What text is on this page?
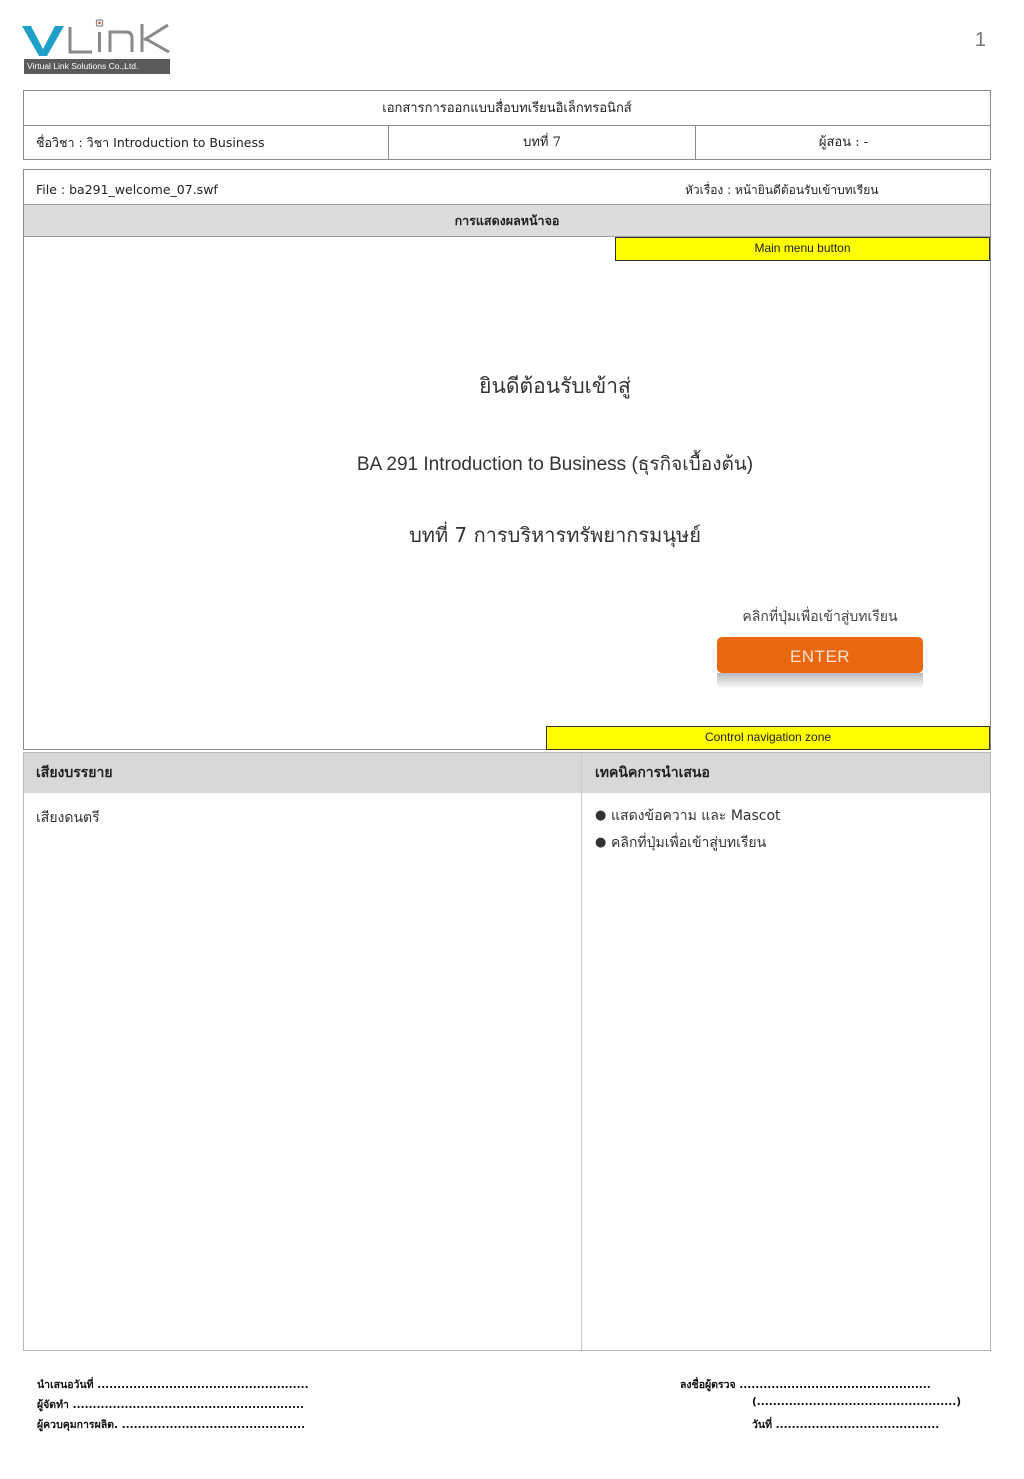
Virtual Link Solutions Co.,Ltd.
1
เอกสารการออกแบบสื่อบทเรียนอิเล็กทรอนิกส์
ชื่อวิชา : วิชา Introduction to Business	บทที่ 7	ผู้สอน : -
File : ba291_welcome_07.swf	หัวเรื่อง : หน้ายินดีต้อนรับเข้าบทเรียน
การแสดงผลหน้าจอ
Main menu button
ยินดีต้อนรับเข้าสู่
BA 291 Introduction to Business (ธุรกิจเบื้องต้น)
บทที่ 7 การบริหารทรัพยากรมนุษย์
คลิกที่ปุ่มเพื่อเข้าสู่บทเรียน
ENTER
Control navigation zone
เสียงบรรยาย	เทคนิคการนำเสนอ
เสียงดนตรี	● แสดงข้อความ และ Mascot
● คลิกที่ปุ่มเพื่อเข้าสู่บทเรียน
นำเสนอวันที่ .....................................................
ผู้จัดทำ ..........................................................
ผู้ควบคุมการผลิต. ..............................................
ลงชื่อผู้ตรวจ ................................................
(..................................................)
วันที่ .........................................
